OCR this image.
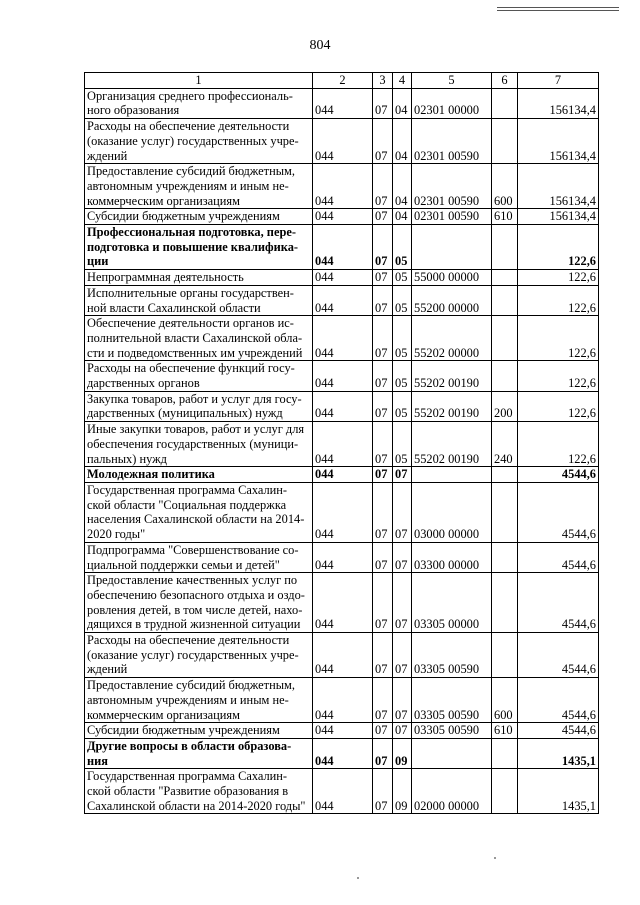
804
1	2	3	4	5	6	7
Организация среднего профессиональ-ного образования	044	07	04	02301 00000		156134,4
Расходы на обеспечение деятельности (оказание услуг) государственных учре-ждений	044	07	04	02301 00590		156134,4
Предоставление субсидий бюджетным, автономным учреждениям и иным не-коммерческим организациям	044	07	04	02301 00590	600	156134,4
Субсидии бюджетным учреждениям	044	07	04	02301 00590	610	156134,4
Профессиональная подготовка, пере-подготовка и повышение квалифика-ции	044	07	05			122,6
Непрограммная деятельность	044	07	05	55000 00000		122,6
Исполнительные органы государствен-ной власти Сахалинской области	044	07	05	55200 00000		122,6
Обеспечение деятельности органов ис-полнительной власти Сахалинской обла-сти и подведомственных им учреждений	044	07	05	55202 00000		122,6
Расходы на обеспечение функций госу-дарственных органов	044	07	05	55202 00190		122,6
Закупка товаров, работ и услуг для госу-дарственных (муниципальных) нужд	044	07	05	55202 00190	200	122,6
Иные закупки товаров, работ и услуг для обеспечения государственных (муници-пальных) нужд	044	07	05	55202 00190	240	122,6
Молодежная политика	044	07	07			4544,6
Государственная программа Сахалин-ской области "Социальная поддержка населения Сахалинской области на 2014-2020 годы"	044	07	07	03000 00000		4544,6
Подпрограмма "Совершенствование со-циальной поддержки семьи и детей"	044	07	07	03300 00000		4544,6
Предоставление качественных услуг по обеспечению безопасного отдыха и оздо-ровления детей, в том числе детей, нахо-дящихся в трудной жизненной ситуации	044	07	07	03305 00000		4544,6
Расходы на обеспечение деятельности (оказание услуг) государственных учре-ждений	044	07	07	03305 00590		4544,6
Предоставление субсидий бюджетным, автономным учреждениям и иным не-коммерческим организациям	044	07	07	03305 00590	600	4544,6
Субсидии бюджетным учреждениям	044	07	07	03305 00590	610	4544,6
Другие вопросы в области образова-ния	044	07	09			1435,1
Государственная программа Сахалин-ской области "Развитие образования в Сахалинской области на 2014-2020 годы"	044	07	09	02000 00000		1435,1
